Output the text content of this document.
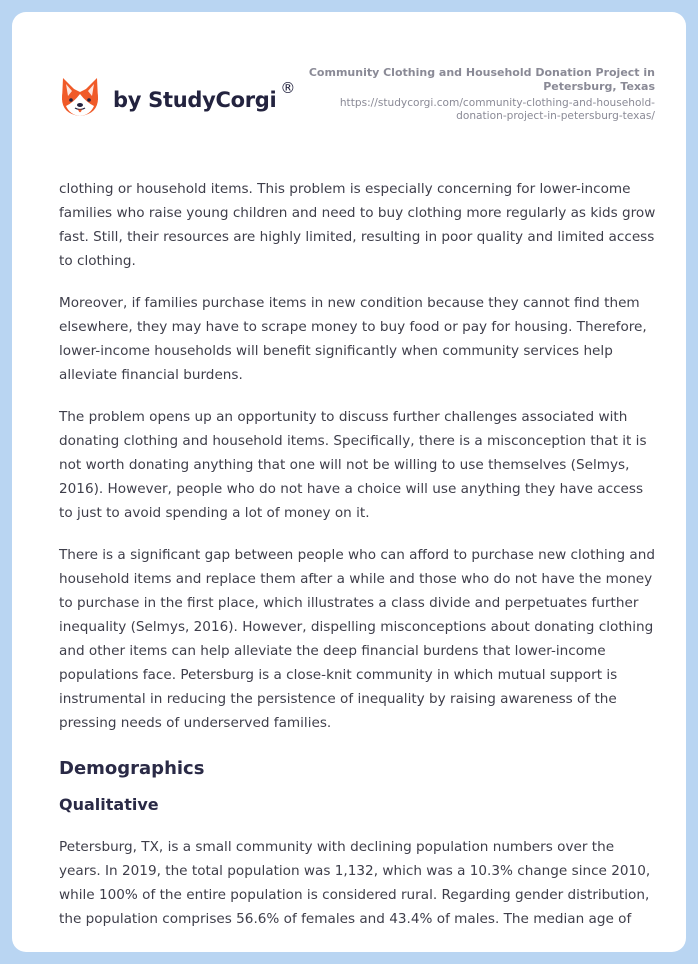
by StudyCorgi ®
Community Clothing and Household Donation Project in Petersburg, Texas
https://studycorgi.com/community-clothing-and-household-donation-project-in-petersburg-texas/

clothing or household items. This problem is especially concerning for lower-income families who raise young children and need to buy clothing more regularly as kids grow fast. Still, their resources are highly limited, resulting in poor quality and limited access to clothing.

Moreover, if families purchase items in new condition because they cannot find them elsewhere, they may have to scrape money to buy food or pay for housing. Therefore, lower-income households will benefit significantly when community services help alleviate financial burdens.

The problem opens up an opportunity to discuss further challenges associated with donating clothing and household items. Specifically, there is a misconception that it is not worth donating anything that one will not be willing to use themselves (Selmys, 2016). However, people who do not have a choice will use anything they have access to just to avoid spending a lot of money on it.

There is a significant gap between people who can afford to purchase new clothing and household items and replace them after a while and those who do not have the money to purchase in the first place, which illustrates a class divide and perpetuates further inequality (Selmys, 2016). However, dispelling misconceptions about donating clothing and other items can help alleviate the deep financial burdens that lower-income populations face. Petersburg is a close-knit community in which mutual support is instrumental in reducing the persistence of inequality by raising awareness of the pressing needs of underserved families.

Demographics
Qualitative

Petersburg, TX, is a small community with declining population numbers over the years. In 2019, the total population was 1,132, which was a 10.3% change since 2010, while 100% of the entire population is considered rural. Regarding gender distribution, the population comprises 56.6% of females and 43.4% of males. The median age of
